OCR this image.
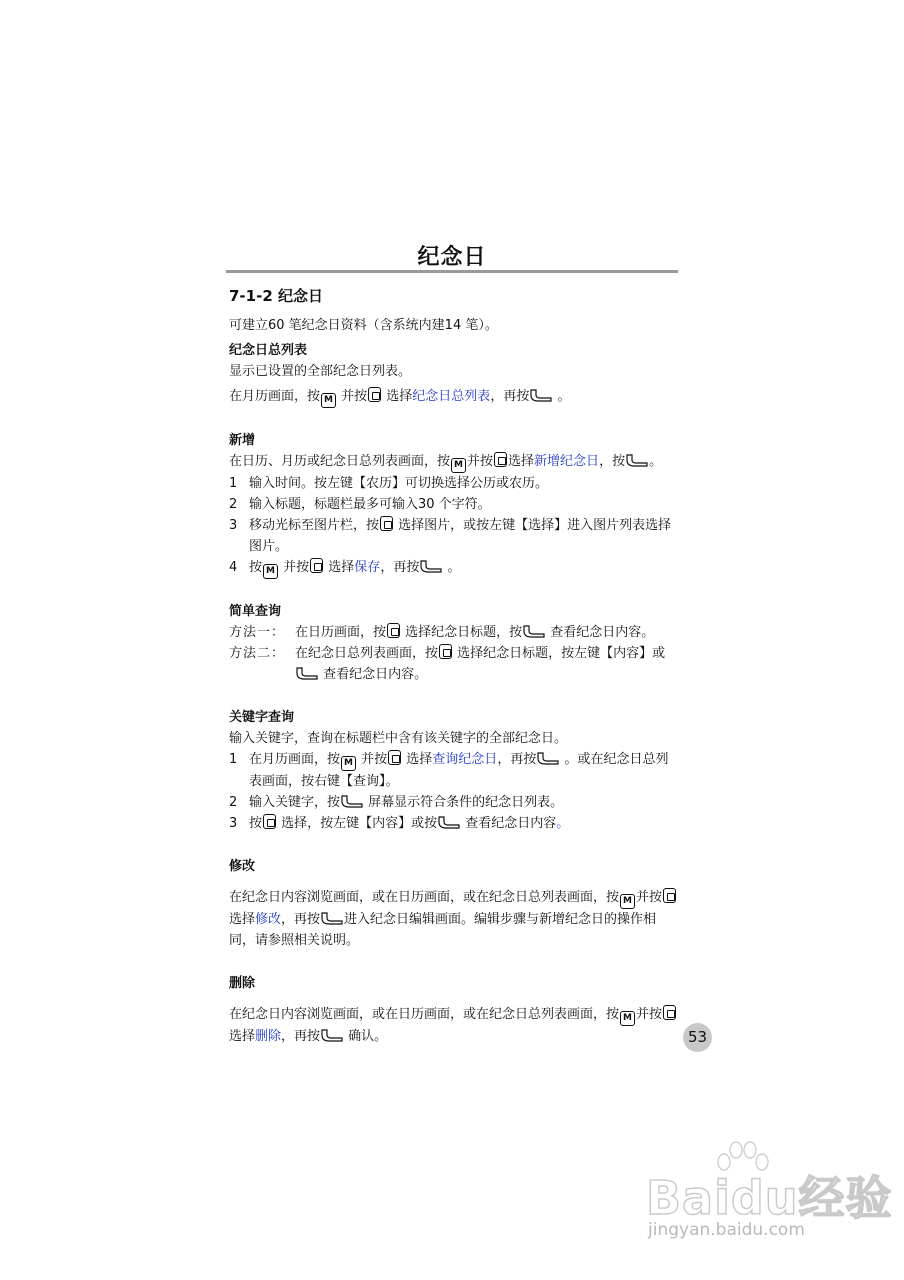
纪念日

7-1-2 纪念日

可建立60 笔纪念日资料（含系统内建14 笔）。

纪念日总列表

显示已设置的全部纪念日列表。

在月历画面，按 M 并按 选择纪念日总列表，再按 。

新增

在日历、月历或纪念日总列表画面，按 M 并按 选择新增纪念日，按 。

1 输入时间。按左键【农历】可切换选择公历或农历。
2 输入标题，标题栏最多可输入30 个字符。
3 移动光标至图片栏，按 选择图片，或按左键【选择】进入图片列表选择图片。
4 按 M 并按 选择保存，再按 。

简单查询

方法一： 在日历画面，按 选择纪念日标题，按 查看纪念日内容。
方法二： 在纪念日总列表画面，按 选择纪念日标题，按左键【内容】或 查看纪念日内容。

关键字查询

输入关键字，查询在标题栏中含有该关键字的全部纪念日。

1 在月历画面，按 M 并按 选择查询纪念日，再按 。或在纪念日总列表画面，按右键【查询】。
2 输入关键字，按 屏幕显示符合条件的纪念日列表。
3 按 选择，按左键【内容】或按 查看纪念日内容。

修改

在纪念日内容浏览画面，或在日历画面，或在纪念日总列表画面，按 M 并按选择修改，再按 进入纪念日编辑画面。编辑步骤与新增纪念日的操作相同，请参照相关说明。

删除

在纪念日内容浏览画面，或在日历画面，或在纪念日总列表画面，按 M 并按 选择删除，再按 确认。	53
Baidu经验
jingyan.baidu.com
